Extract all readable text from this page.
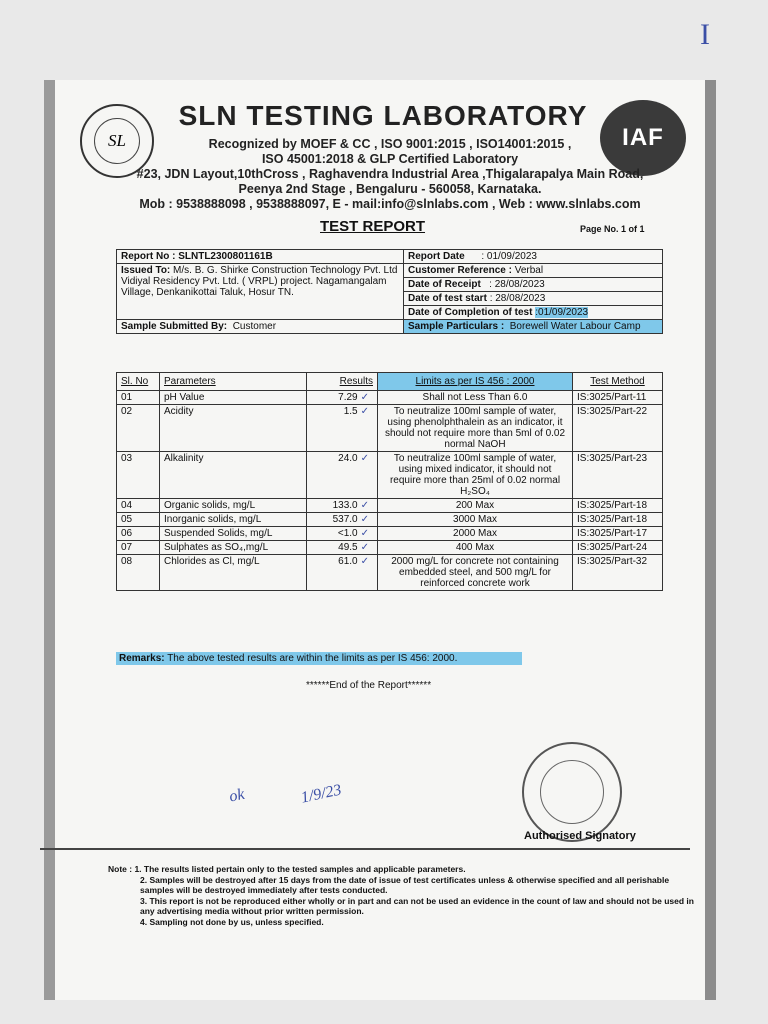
I
SL	IAF
SLN TESTING LABORATORY
Recognized by MOEF & CC , ISO 9001:2015 , ISO14001:2015 ,
ISO 45001:2018 & GLP Certified Laboratory
#23, JDN Layout,10thCross , Raghavendra Industrial Area ,Thigalarapalya Main Road,
Peenya 2nd Stage , Bengaluru - 560058, Karnataka.
Mob : 9538888098 , 9538888097, E - mail:info@slnlabs.com , Web : www.slnlabs.com
TEST REPORT	Page No. 1 of 1
Report No : SLNTL2300801161B	Report Date : 01/09/2023
Issued To: M/s. B. G. Shirke Construction Technology Pvt. Ltd Vidiyal Residency Pvt. Ltd. ( VRPL) project. Nagamangalam Village, Denkanikottai Taluk, Hosur TN.	Customer Reference : Verbal
	Date of Receipt : 28/08/2023
	Date of test start : 28/08/2023
	Date of Completion of test :01/09/2023
Sample Submitted By: Customer	Sample Particulars : Borewell Water Labour Camp
Sl. No	Parameters	Results	Limits as per IS 456 : 2000	Test Method
01	pH Value	7.29 ✓	Shall not Less Than 6.0	IS:3025/Part-11
02	Acidity	1.5 ✓	To neutralize 100ml sample of water, using phenolphthalein as an indicator, it should not require more than 5ml of 0.02 normal NaOH	IS:3025/Part-22
03	Alkalinity	24.0 ✓	To neutralize 100ml sample of water, using mixed indicator, it should not require more than 25ml of 0.02 normal H₂SO₄	IS:3025/Part-23
04	Organic solids, mg/L	133.0 ✓	200 Max	IS:3025/Part-18
05	Inorganic solids, mg/L	537.0 ✓	3000 Max	IS:3025/Part-18
06	Suspended Solids, mg/L	<1.0 ✓	2000 Max	IS:3025/Part-17
07	Sulphates as SO₄,mg/L	49.5 ✓	400 Max	IS:3025/Part-24
08	Chlorides as Cl, mg/L	61.0 ✓	2000 mg/L for concrete not containing embedded steel, and 500 mg/L for reinforced concrete work	IS:3025/Part-32
Remarks: The above tested results are within the limits as per IS 456: 2000.
******End of the Report******
ok	1/9/23
Authorised Signatory
Note : 1. The results listed pertain only to the tested samples and applicable parameters.
2. Samples will be destroyed after 15 days from the date of issue of test certificates unless & otherwise specified and all perishable samples will be destroyed immediately after tests conducted.
3. This report is not be reproduced either wholly or in part and can not be used an evidence in the count of law and should not be used in any advertising media without prior written permission.
4. Sampling not done by us, unless specified.
